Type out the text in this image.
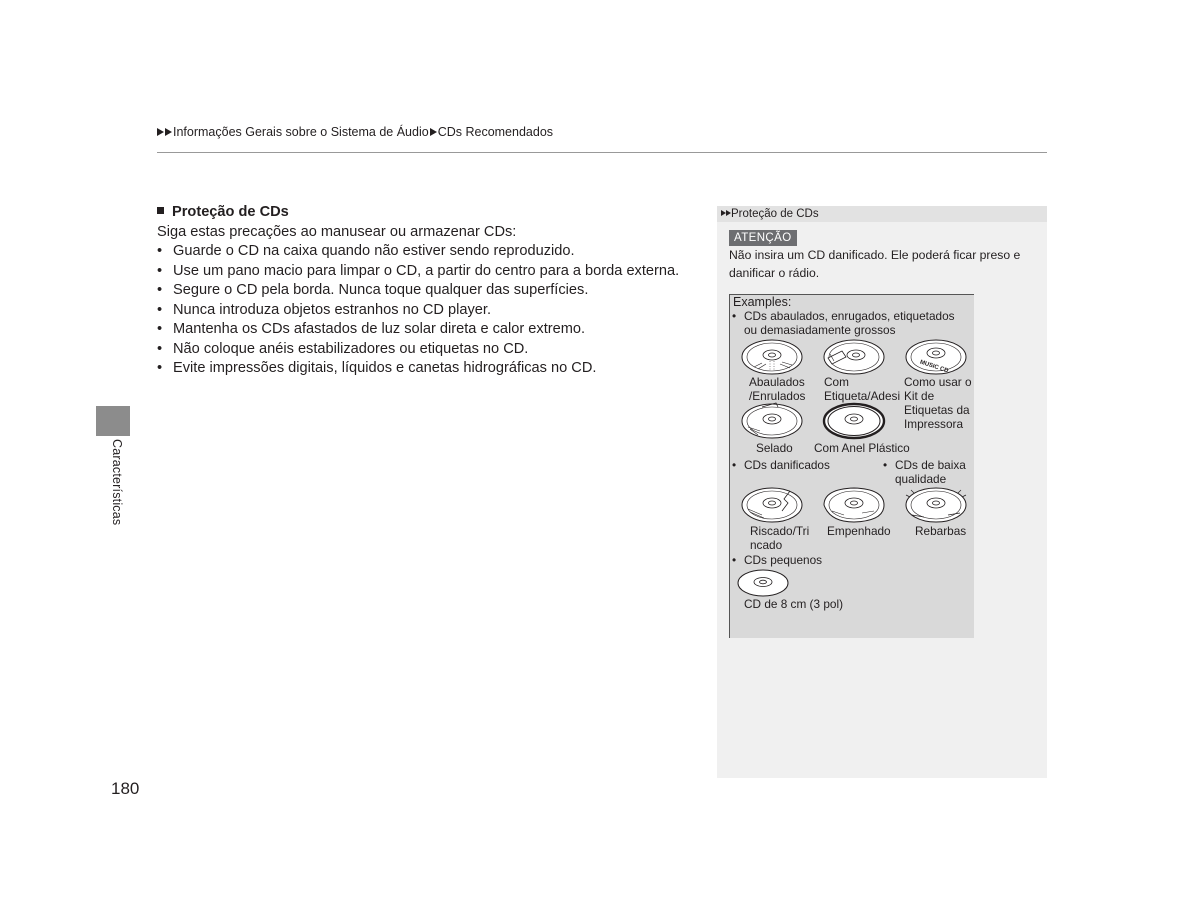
Informações Gerais sobre o Sistema de Áudio CDs Recomendados
Características
180
Proteção de CDs
Siga estas precações ao manusear ou armazenar CDs:
• Guarde o CD na caixa quando não estiver sendo reproduzido.
• Use um pano macio para limpar o CD, a partir do centro para a borda externa.
• Segure o CD pela borda. Nunca toque qualquer das superfícies.
• Nunca introduza objetos estranhos no CD player.
• Mantenha os CDs afastados de luz solar direta e calor extremo.
• Não coloque anéis estabilizadores ou etiquetas no CD.
• Evite impressões digitais, líquidos e canetas hidrográficas no CD.
Proteção de CDs
ATENÇÃO
Não insira um CD danificado. Ele poderá ficar preso e
danificar o rádio.
Examples:
• CDs abaulados, enrugados, etiquetados
ou demasiadamente grossos
MUSIC CD
Abaulados
/Enrulados
Com
Etiqueta/Adesi
Como usar o
Kit de
Etiquetas da
Impressora
Selado Com Anel Plástico
• CDs danificados	• CDs de baixa
qualidade
Riscado/Tri
ncado
Empenhado Rebarbas
• CDs pequenos
CD de 8 cm (3 pol)
